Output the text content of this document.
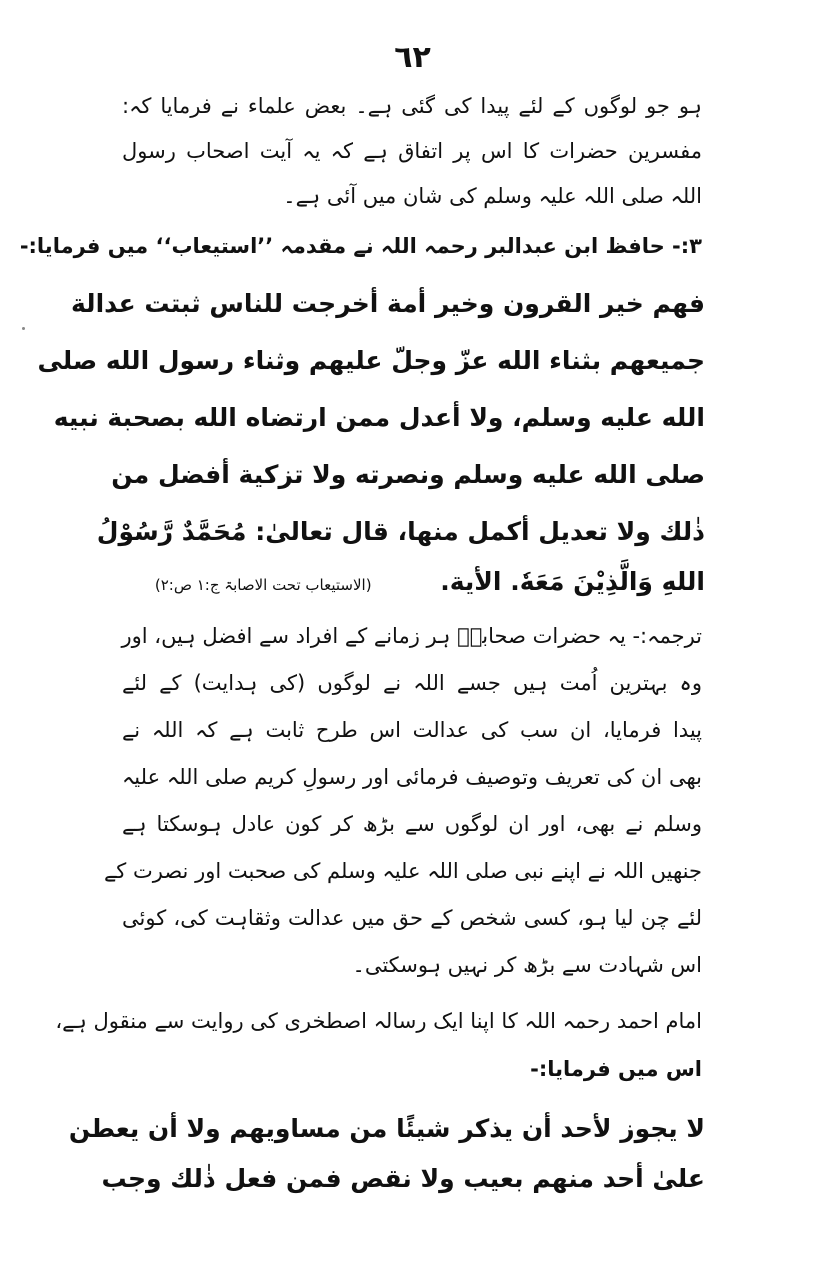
٦٢
ہو جو لوگوں کے لئے پیدا کی گئی ہے۔ بعض علماء نے فرمایا کہ:
مفسرین حضرات کا اس پر اتفاق ہے کہ یہ آیت اصحاب رسول
اللہ صلی اللہ علیہ وسلم کی شان میں آئی ہے۔
۳:- حافظ ابن عبدالبر رحمہ اللہ نے مقدمہ ’’استیعاب‘‘ میں فرمایا:-
فهم خير القرون وخير أمة أخرجت للناس ثبتت عدالة
جميعهم بثناء الله عزّ وجلّ عليهم وثناء رسول الله صلى
الله عليه وسلم، ولا أعدل ممن ارتضاه الله بصحبة نبيه
صلى الله عليه وسلم ونصرته ولا تزكية أفضل من
ذٰلك ولا تعديل أكمل منها، قال تعالىٰ: مُحَمَّدٌ رَّسُوْلُ
اللهِ وَالَّذِيْنَ مَعَهٗ. الأية. (الاستیعاب تحت الاصابۃ ج:۱ ص:۲)
ترجمہ:- یہ حضرات صحابہؓ ہر زمانے کے افراد سے افضل ہیں، اور
وہ بہترین اُمت ہیں جسے اللہ نے لوگوں (کی ہدایت) کے لئے
پیدا فرمایا، ان سب کی عدالت اس طرح ثابت ہے کہ اللہ نے
بھی ان کی تعریف وتوصیف فرمائی اور رسولِ کریم صلی اللہ علیہ
وسلم نے بھی، اور ان لوگوں سے بڑھ کر کون عادل ہوسکتا ہے
جنھیں اللہ نے اپنے نبی صلی اللہ علیہ وسلم کی صحبت اور نصرت کے
لئے چن لیا ہو، کسی شخص کے حق میں عدالت وثقاہت کی، کوئی
اس شہادت سے بڑھ کر نہیں ہوسکتی۔
امام احمد رحمہ اللہ کا اپنا ایک رسالہ اصطخری کی روایت سے منقول ہے،
اس میں فرمایا:-
لا يجوز لأحد أن يذكر شيئًا من مساويهم ولا أن يعطن
علىٰ أحد منهم بعيب ولا نقص فمن فعل ذٰلك وجب
